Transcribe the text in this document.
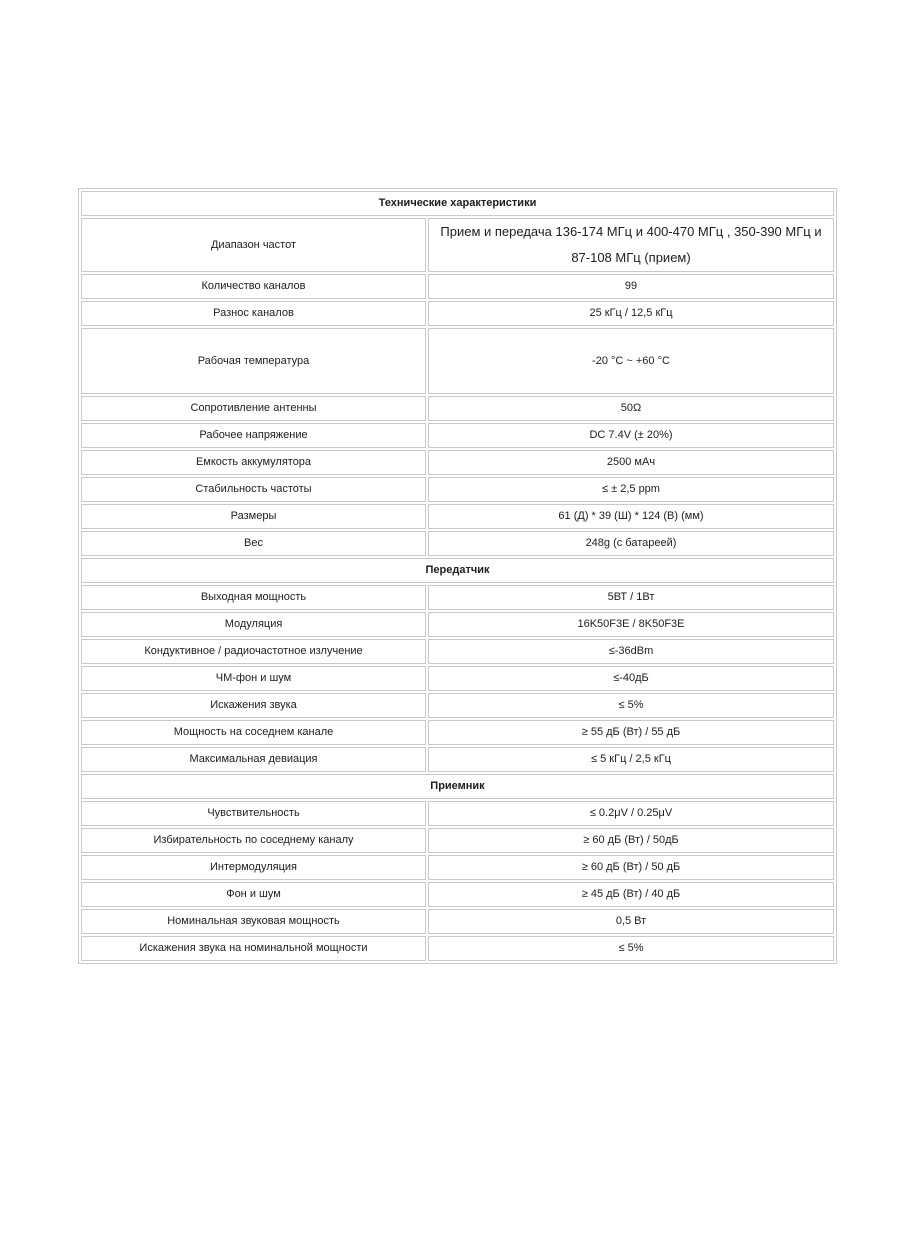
Технические характеристики	
Диапазон частот	Прием и передача 136-174 МГц и 400-470 МГц , 350-390 МГц и 87-108 МГц (прием)
Количество каналов	99
Разнос каналов	25 кГц / 12,5 кГц
Рабочая температура	-20 °C ~ +60 °C
Сопротивление антенны	50Ω
Рабочее напряжение	DC 7.4V (± 20%)
Емкость аккумулятора	2500 мАч
Стабильность частоты	≤ ± 2,5 ppm
Размеры	61 (Д) * 39 (Ш) * 124 (В) (мм)
Вес	248g (с батареей)
Передатчик	
Выходная мощность	5ВТ / 1Вт
Модуляция	16K50F3E / 8K50F3E
Кондуктивное / радиочастотное излучение	≤-36dBm
ЧМ-фон и шум	≤-40дБ
Искажения звука	≤ 5%
Мощность на соседнем канале	≥ 55 дБ (Вт) / 55 дБ
Максимальная девиация	≤ 5 кГц / 2,5 кГц
Приемник	
Чувствительность	≤ 0.2μV / 0.25μV
Избирательность по соседнему каналу	≥ 60 дБ (Вт) / 50дБ
Интермодуляция	≥ 60 дБ (Вт) / 50 дБ
Фон и шум	≥ 45 дБ (Вт) / 40 дБ
Номинальная звуковая мощность	0,5 Вт
Искажения звука на номинальной мощности	≤ 5%
